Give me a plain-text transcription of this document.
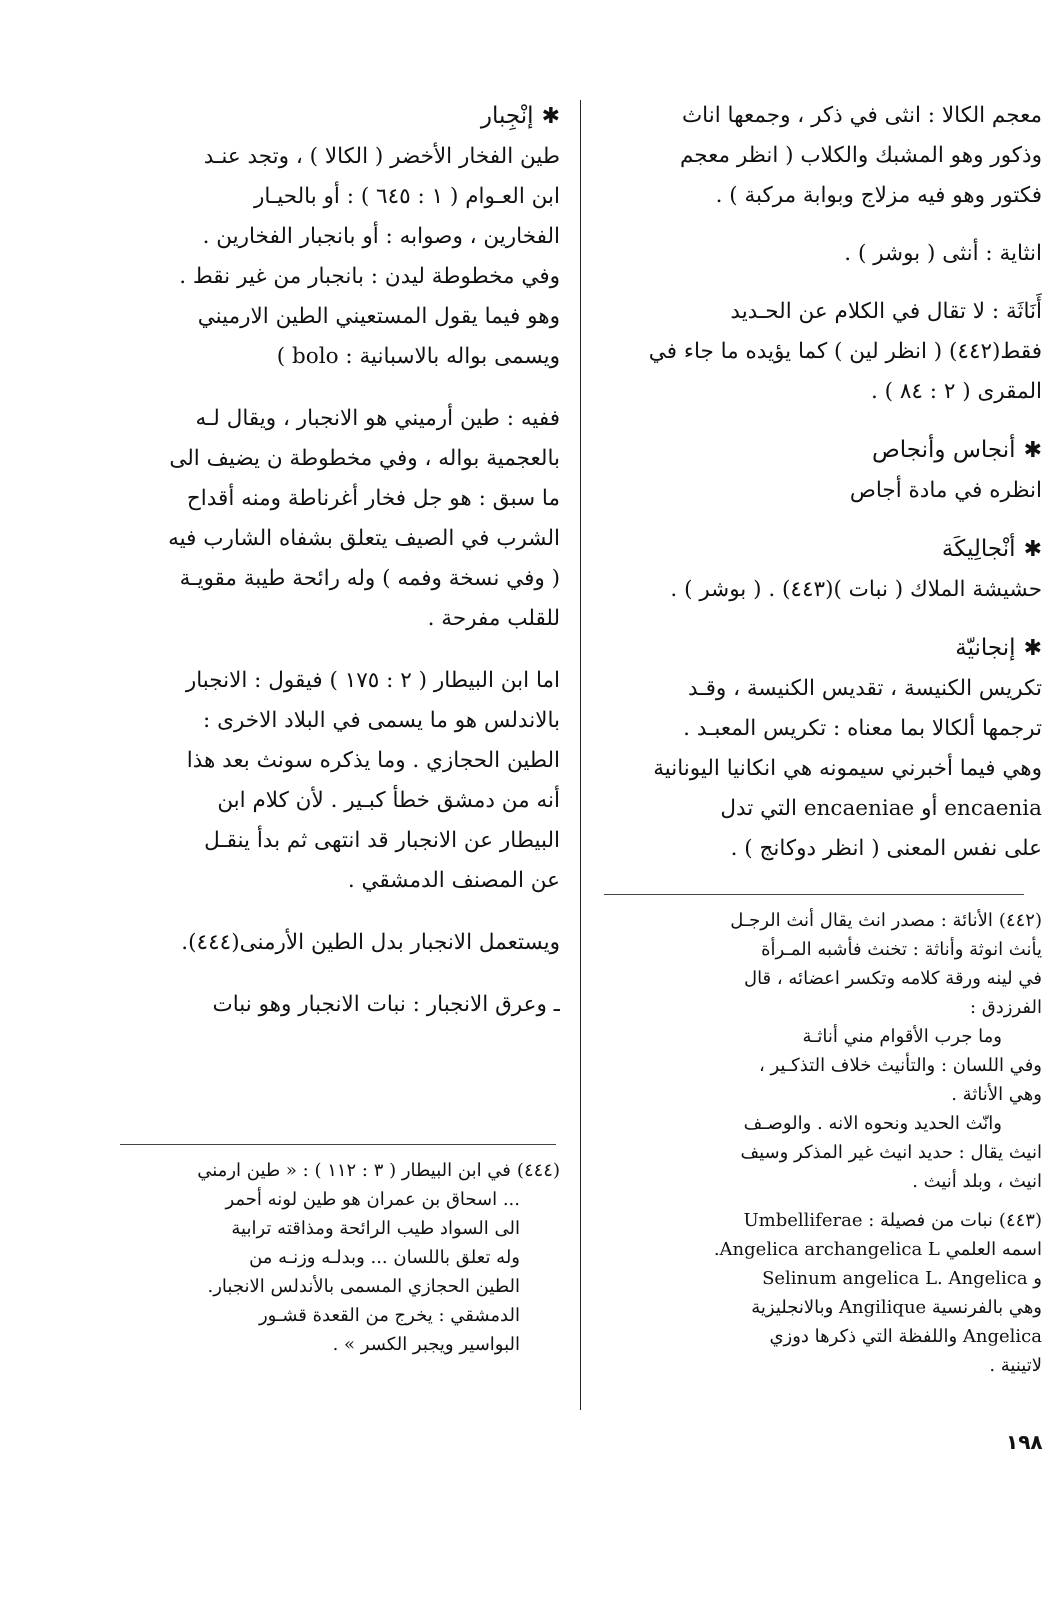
معجم الكالا : انثى في ذكر ، وجمعها اناث
وذكور وهو المشبك والكلاب ( انظر معجم
فكتور وهو فيه مزلاج وبوابة مركبة ) .
انثاية : أنثى ( بوشر ) .
أَنَاثَة : لا تقال في الكلام عن الحـديد
فقط(٤٤٢) ( انظر لين ) كما يؤيده ما جاء في
المقرى ( ٢ : ٨٤ ) .
✱أنجاس وأنجاص
انظره في مادة أجاص
✱أنْجالِيكَة
حشيشة الملاك ( نبات )(٤٤٣) . ( بوشر ) .
✱إنجانيّة
تكريس الكنيسة ، تقديس الكنيسة ، وقـد
ترجمها ألكالا بما معناه : تكريس المعبـد .
وهي فيما أخبرني سيمونه هي انكانيا اليونانية
encaenia أو encaeniae التي تدل
على نفس المعنى ( انظر دوكانج ) .
✱إنْجِبار
طين الفخار الأخضر ( الكالا ) ، وتجد عنـد
ابن العـوام ( ١ : ٦٤٥ ) : أو بالحيـار
الفخارين ، وصوابه : أو بانجبار الفخارين .
وفي مخطوطة ليدن : بانجبار من غير نقط .
وهو فيما يقول المستعيني الطين الارميني
ويسمى بواله بالاسبانية : bolo )
ففيه : طين أرميني هو الانجبار ، ويقال لـه
بالعجمية بواله ، وفي مخطوطة ن يضيف الى
ما سبق : هو جل فخار أغرناطة ومنه أقداح
الشرب في الصيف يتعلق بشفاه الشارب فيه
( وفي نسخة وفمه ) وله رائحة طيبة مقويـة
للقلب مفرحة .
اما ابن البيطار ( ٢ : ١٧٥ ) فيقول : الانجبار
بالاندلس هو ما يسمى في البلاد الاخرى :
الطين الحجازي . وما يذكره سونث بعد هذا
أنه من دمشق خطأ كبـير . لأن كلام ابن
البيطار عن الانجبار قد انتهى ثم بدأ ينقـل
عن المصنف الدمشقي .
ويستعمل الانجبار بدل الطين الأرمنى(٤٤٤).
ـ وعرق الانجبار : نبات الانجبار وهو نبات
(٤٤٢)الأنائة : مصدر انث يقال أنث الرجـل
يأنث انوثة وأناثة : تخنث فأشبه المـرأة
في لينه ورقة كلامه وتكسر اعضائه ، قال
الفرزدق :
وما جرب الأقوام مني أناثـة
وفي اللسان : والتأنيث خلاف التذكـير ،
وهي الأناثة .
وانّث الحديد ونحوه الانه . والوصـف
انيث يقال : حديد انيث غير المذكر وسيف
انيث ، وبلد أنيث .
(٤٤٣)نبات من فصيلة : Umbelliferae
اسمه العلمي Angelica archangelica L.
و Selinum angelica L. Angelica
وهي بالفرنسية Angilique وبالانجليزية
Angelica واللفظة التي ذكرها دوزي
لاتينية .
(٤٤٤)في ابن البيطار ( ٣ : ١١٢ ) : « طين ارمني
... اسحاق بن عمران هو طين لونه أحمر
الى السواد طيب الرائحة ومذاقته ترابية
وله تعلق باللسان ... وبدلـه وزنـه من
الطين الحجازي المسمى بالأندلس الانجبار.
الدمشقي : يخرج من القعدة قشـور
البواسير ويجبر الكسر » .
١٩٨
